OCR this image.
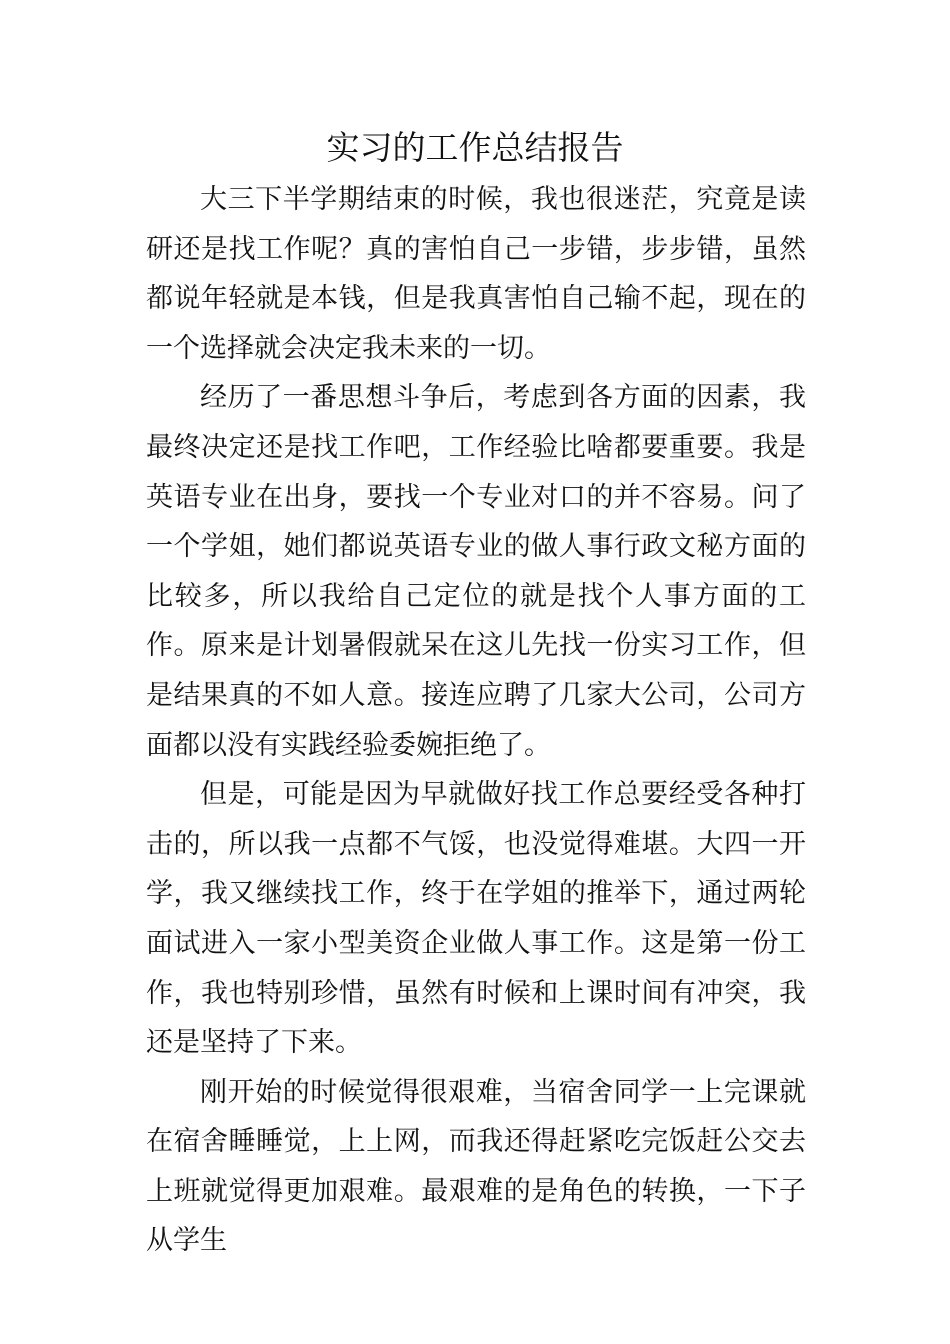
实习的工作总结报告

大三下半学期结束的时候，我也很迷茫，究竟是读研还是找工作呢？真的害怕自己一步错，步步错，虽然都说年轻就是本钱，但是我真害怕自己输不起，现在的一个选择就会决定我未来的一切。

经历了一番思想斗争后，考虑到各方面的因素，我最终决定还是找工作吧，工作经验比啥都要重要。我是英语专业在出身，要找一个专业对口的并不容易。问了一个学姐，她们都说英语专业的做人事行政文秘方面的比较多，所以我给自己定位的就是找个人事方面的工作。原来是计划暑假就呆在这儿先找一份实习工作，但是结果真的不如人意。接连应聘了几家大公司，公司方面都以没有实践经验委婉拒绝了。

但是，可能是因为早就做好找工作总要经受各种打击的，所以我一点都不气馁，也没觉得难堪。大四一开学，我又继续找工作，终于在学姐的推举下，通过两轮面试进入一家小型美资企业做人事工作。这是第一份工作，我也特别珍惜，虽然有时候和上课时间有冲突，我还是坚持了下来。

刚开始的时候觉得很艰难，当宿舍同学一上完课就在宿舍睡睡觉，上上网，而我还得赶紧吃完饭赶公交去上班就觉得更加艰难。最艰难的是角色的转换，一下子从学生
